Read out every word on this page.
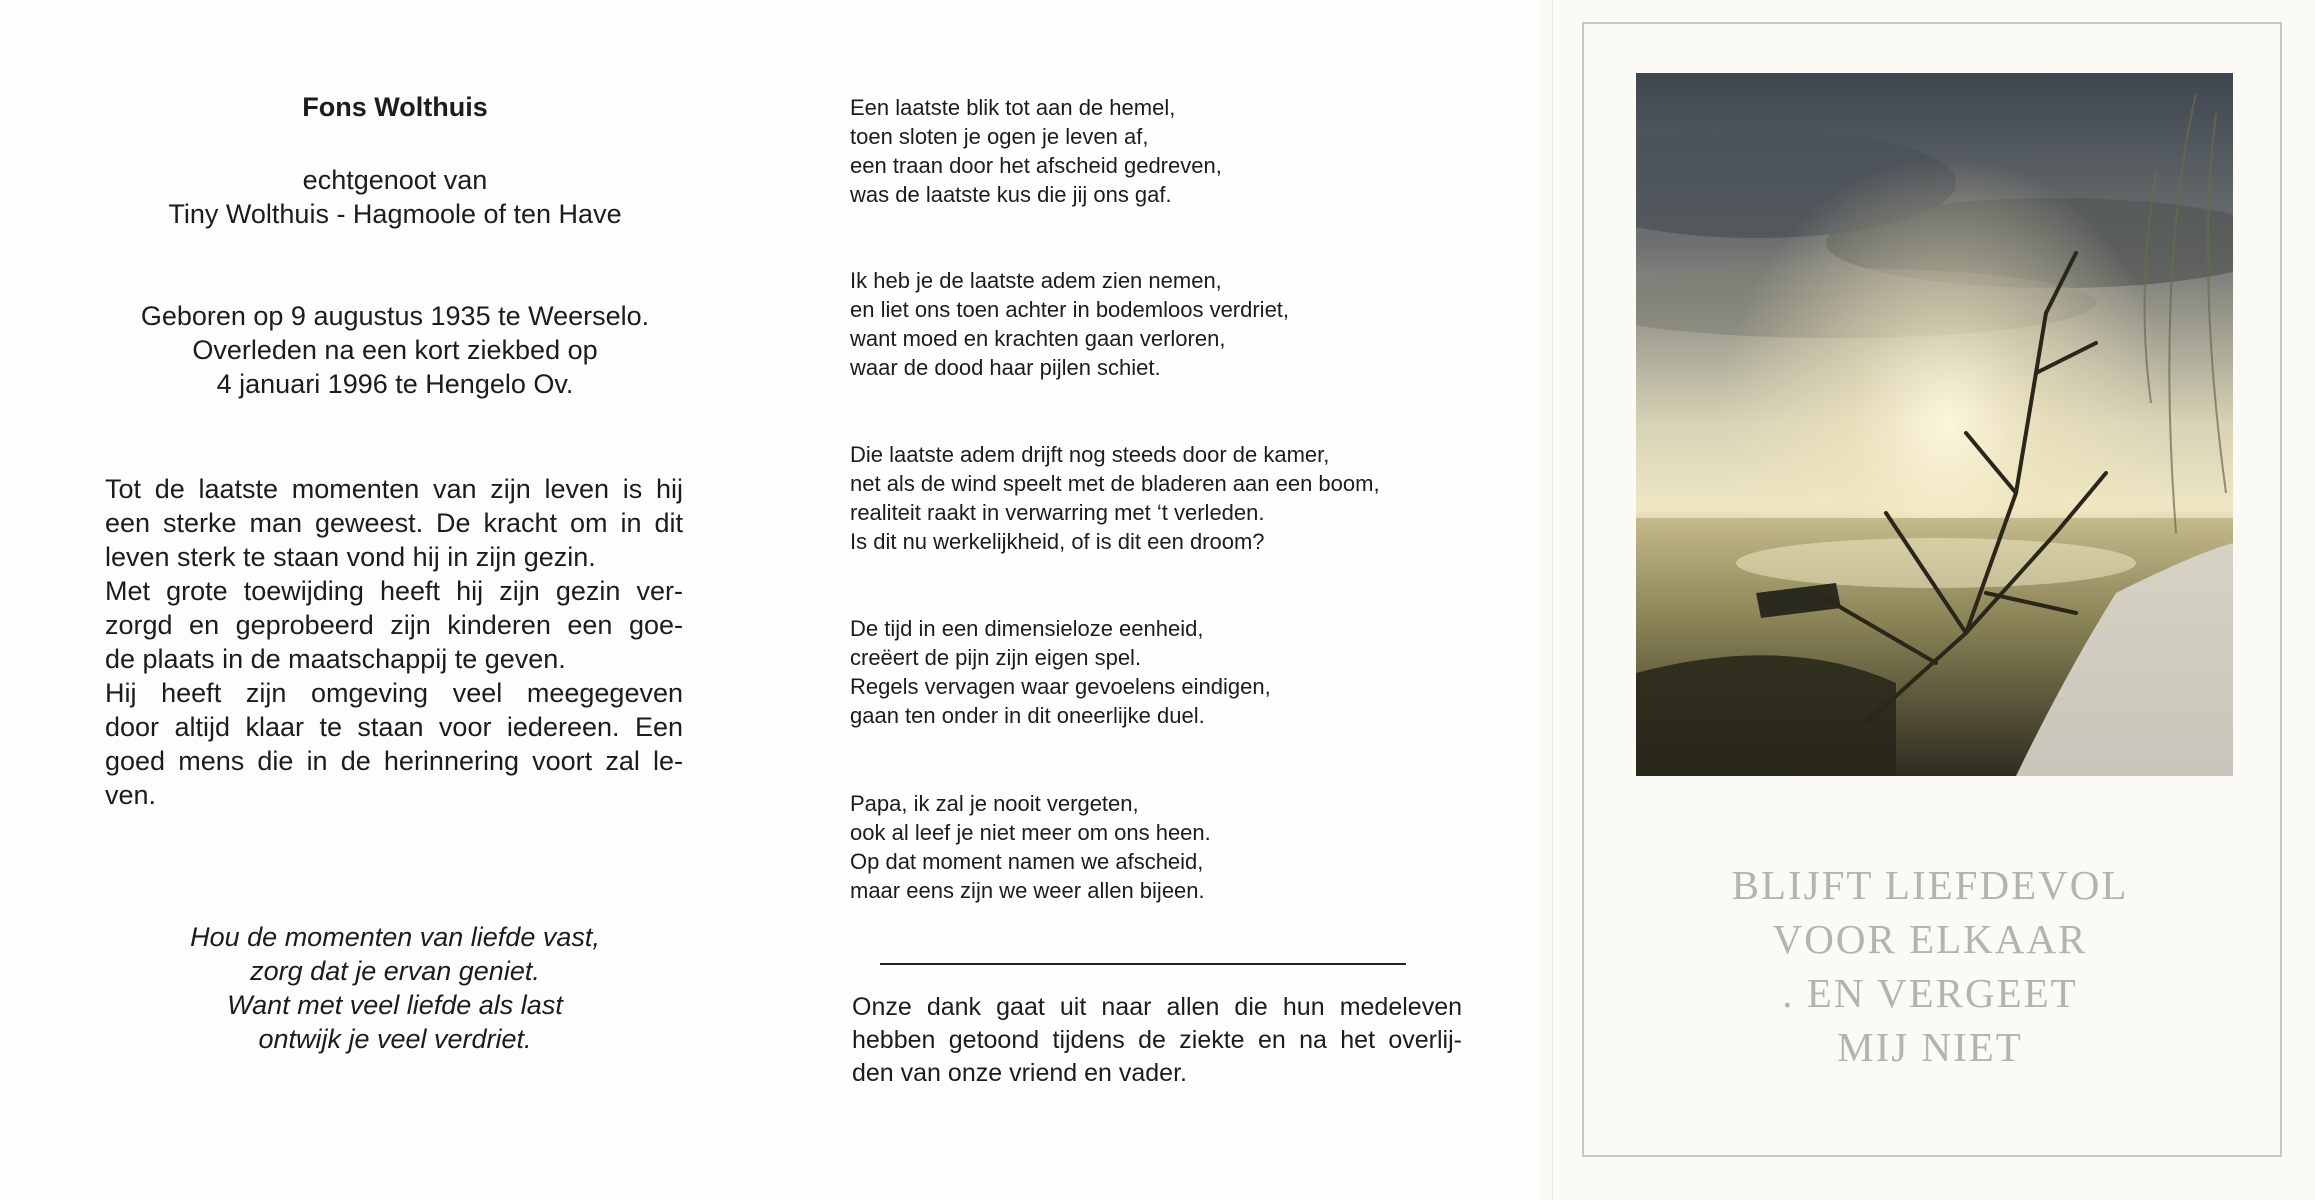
Fons Wolthuis
echtgenoot van
Tiny Wolthuis - Hagmoole of ten Have
Geboren op 9 augustus 1935 te Weerselo.
Overleden na een kort ziekbed op
4 januari 1996 te Hengelo Ov.
Tot de laatste momenten van zijn leven is hij
een sterke man geweest. De kracht om in dit
leven sterk te staan vond hij in zijn gezin.
Met grote toewijding heeft hij zijn gezin ver-
zorgd en geprobeerd zijn kinderen een goe-
de plaats in de maatschappij te geven.
Hij heeft zijn omgeving veel meegegeven
door altijd klaar te staan voor iedereen. Een
goed mens die in de herinnering voort zal le-
ven.
Hou de momenten van liefde vast,
zorg dat je ervan geniet.
Want met veel liefde als last
ontwijk je veel verdriet.
Een laatste blik tot aan de hemel,
toen sloten je ogen je leven af,
een traan door het afscheid gedreven,
was de laatste kus die jij ons gaf.
Ik heb je de laatste adem zien nemen,
en liet ons toen achter in bodemloos verdriet,
want moed en krachten gaan verloren,
waar de dood haar pijlen schiet.
Die laatste adem drijft nog steeds door de kamer,
net als de wind speelt met de bladeren aan een boom,
realiteit raakt in verwarring met ‘t verleden.
Is dit nu werkelijkheid, of is dit een droom?
De tijd in een dimensieloze eenheid,
creëert de pijn zijn eigen spel.
Regels vervagen waar gevoelens eindigen,
gaan ten onder in dit oneerlijke duel.
Papa, ik zal je nooit vergeten,
ook al leef je niet meer om ons heen.
Op dat moment namen we afscheid,
maar eens zijn we weer allen bijeen.
Onze dank gaat uit naar allen die hun medeleven
hebben getoond tijdens de ziekte en na het overlij-
den van onze vriend en vader.
BLIJFT LIEFDEVOL
VOOR ELKAAR
. EN VERGEET
MIJ NIET
